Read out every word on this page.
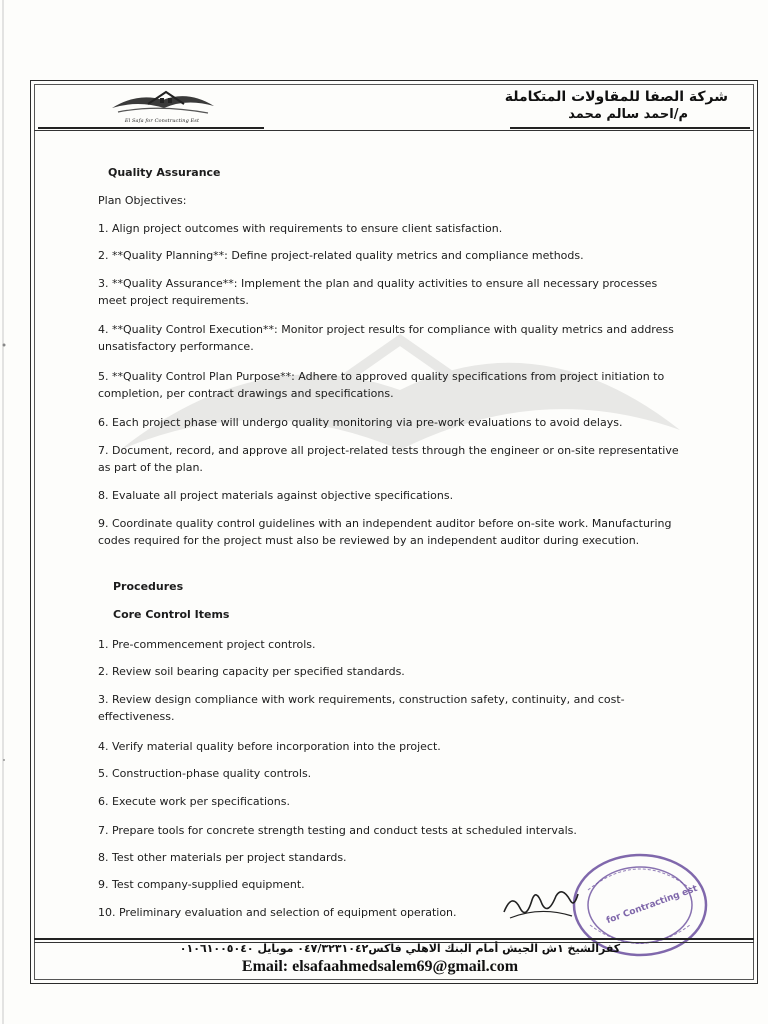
El Safa for Constructing Est
شركة الصفا للمقاولات المتكاملة
م/احمد سالم محمد
Quality Assurance
Plan Objectives:
1. Align project outcomes with requirements to ensure client satisfaction.
2. **Quality Planning**: Define project-related quality metrics and compliance methods.
3. **Quality Assurance**: Implement the plan and quality activities to ensure all necessary processes meet project requirements.
4. **Quality Control Execution**: Monitor project results for compliance with quality metrics and address unsatisfactory performance.
5. **Quality Control Plan Purpose**: Adhere to approved quality specifications from project initiation to completion, per contract drawings and specifications.
6. Each project phase will undergo quality monitoring via pre-work evaluations to avoid delays.
7. Document, record, and approve all project-related tests through the engineer or on-site representative as part of the plan.
8. Evaluate all project materials against objective specifications.
9. Coordinate quality control guidelines with an independent auditor before on-site work. Manufacturing codes required for the project must also be reviewed by an independent auditor during execution.
Procedures
Core Control Items
1. Pre-commencement project controls.
2. Review soil bearing capacity per specified standards.
3. Review design compliance with work requirements, construction safety, continuity, and cost-effectiveness.
4. Verify material quality before incorporation into the project.
5. Construction-phase quality controls.
6. Execute work per specifications.
7. Prepare tools for concrete strength testing and conduct tests at scheduled intervals.
8. Test other materials per project standards.
9. Test company-supplied equipment.
10. Preliminary evaluation and selection of equipment operation.	for Contracting est
كفرالشيخ ١ش الجيش أمام البنك الاهلي فاكس٠٤٧/٣٢٣١٠٤٢ موبايل ٠١٠٦١٠٠٥٠٤٠
Email: elsafaahmedsalem69@gmail.com
